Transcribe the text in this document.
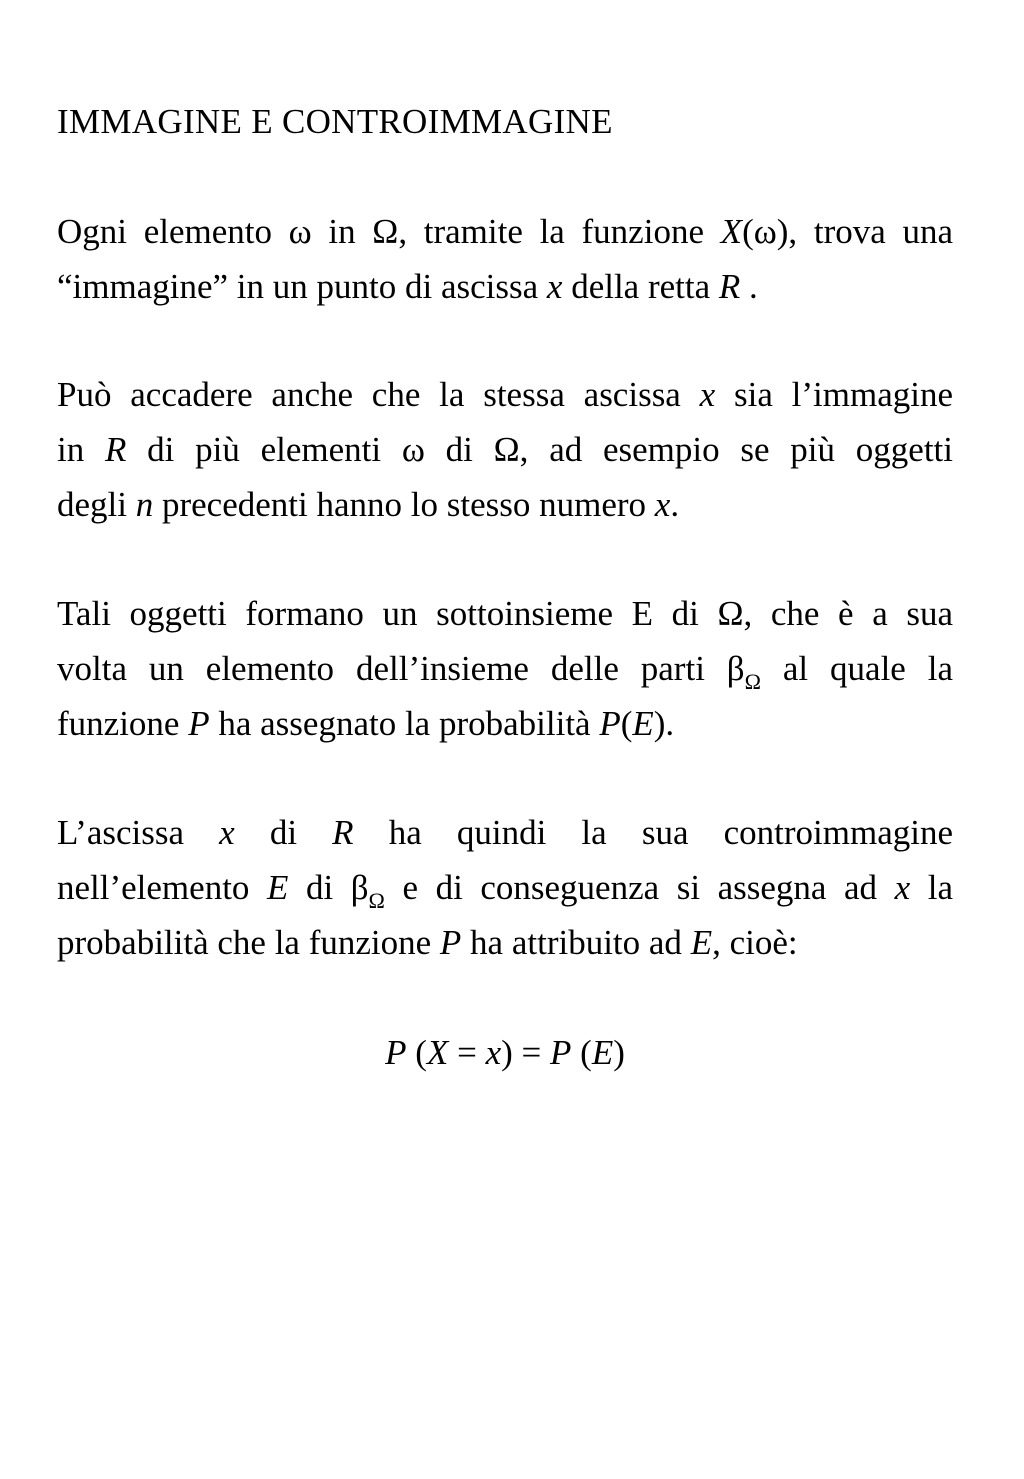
IMMAGINE E CONTROIMMAGINE
Ogni elemento ω in Ω, tramite la funzione X(ω), trova una
“immagine” in un punto di ascissa x della retta R .
Può accadere anche che la stessa ascissa x sia l’immagine
in R di più elementi ω di Ω, ad esempio se più oggetti
degli n precedenti hanno lo stesso numero x.
Tali oggetti formano un sottoinsieme E di Ω, che è a sua
volta un elemento dell’insieme delle parti $\beta_\Omega$ al quale la
funzione P ha assegnato la probabilità P(E).
L’ascissa x di R ha quindi la sua controimmagine
nell’elemento E di $\beta_\Omega$ e di conseguenza si assegna ad x la
probabilità che la funzione P ha attribuito ad E, cioè:
P (X = x) = P (E)
